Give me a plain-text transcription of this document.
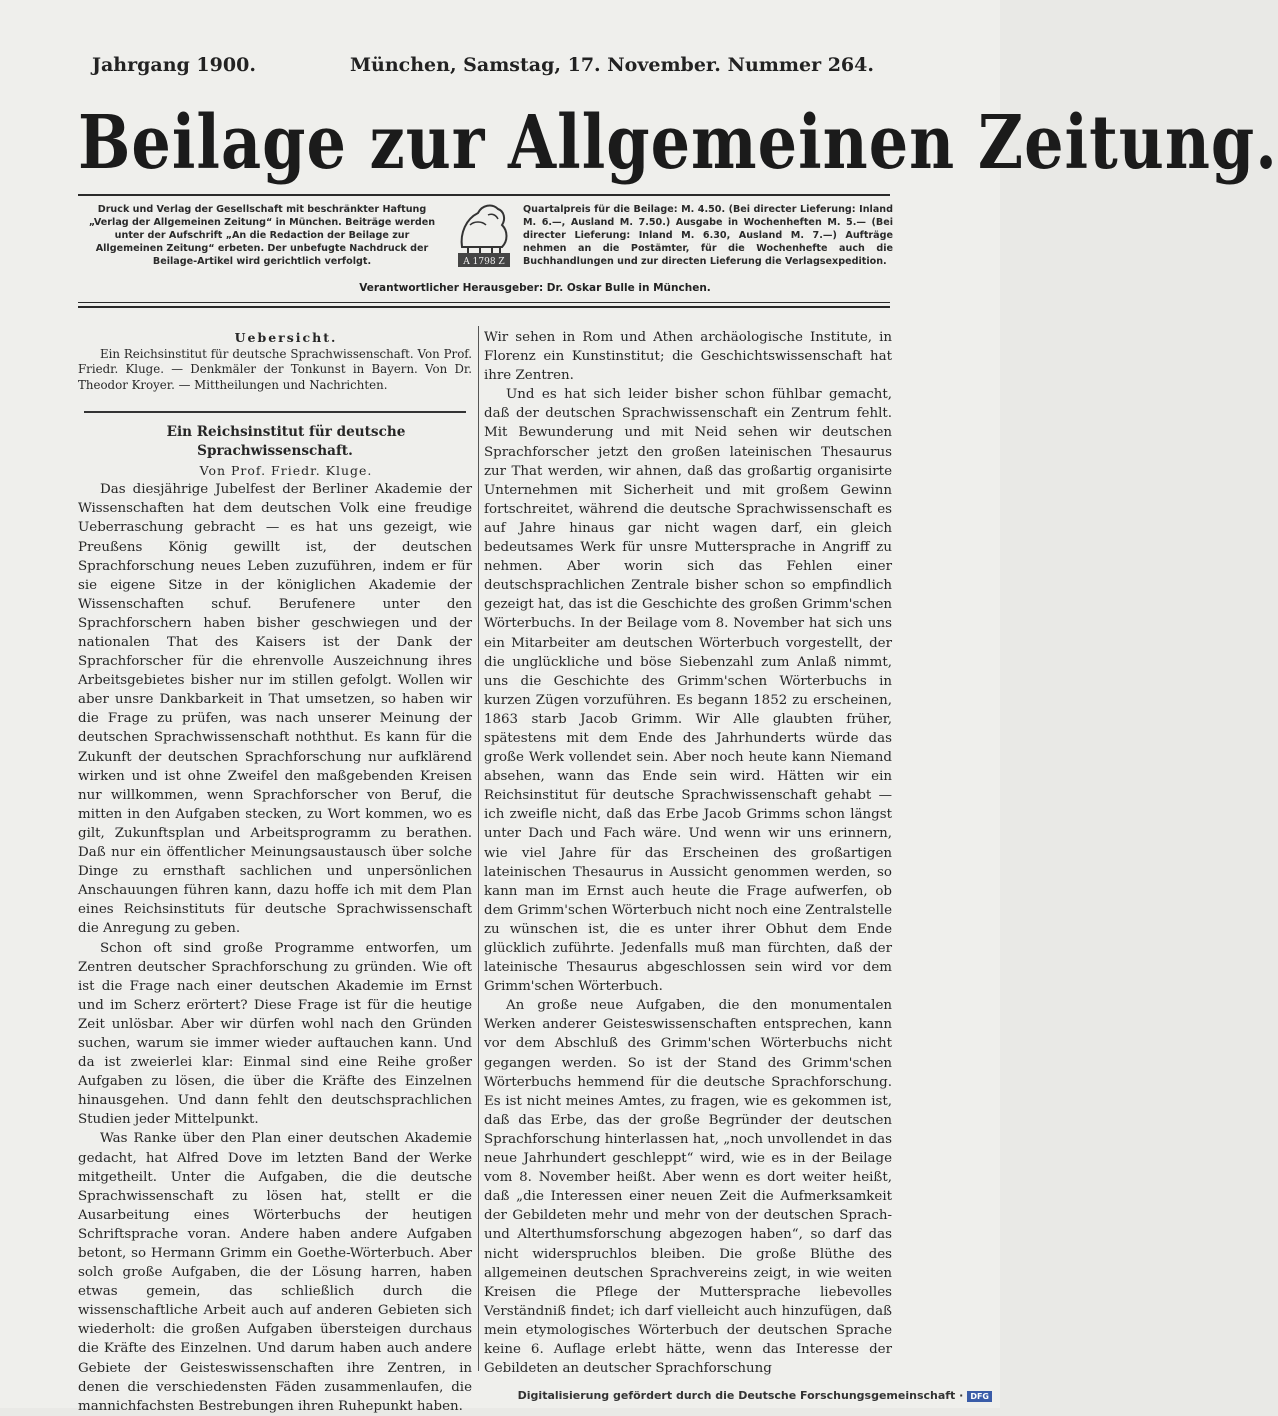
Jahrgang 1900.	München, Samstag, 17. November. Nummer 264.
Beilage zur Allgemeinen Zeitung.
Druck und Verlag der Gesellschaft mit beschränkter Haftung „Verlag der Allgemeinen Zeitung“ in München. Beiträge werden unter der Aufschrift „An die Redaction der Beilage zur Allgemeinen Zeitung“ erbeten. Der unbefugte Nachdruck der Beilage-Artikel wird gerichtlich verfolgt.	A 1798 Z
Quartalpreis für die Beilage: M. 4.50. (Bei directer Lieferung: Inland M. 6.—, Ausland M. 7.50.) Ausgabe in Wochenheften M. 5.— (Bei directer Lieferung: Inland M. 6.30, Ausland M. 7.—) Aufträge nehmen an die Postämter, für die Wochenhefte auch die Buchhandlungen und zur directen Lieferung die Verlagsexpedition.
Verantwortlicher Herausgeber: Dr. Oskar Bulle in München.

Uebersicht.

Ein Reichsinstitut für deutsche Sprachwissenschaft. Von Prof. Friedr. Kluge. — Denkmäler der Tonkunst in Bayern. Von Dr. Theodor Kroyer. — Mittheilungen und Nachrichten.

Ein Reichsinstitut für deutsche Sprachwissenschaft.

Von Prof. Friedr. Kluge.

Das diesjährige Jubelfest der Berliner Akademie der Wissenschaften hat dem deutschen Volk eine freudige Ueberraschung gebracht — es hat uns gezeigt, wie Preußens König gewillt ist, der deutschen Sprachforschung neues Leben zuzuführen, indem er für sie eigene Sitze in der königlichen Akademie der Wissenschaften schuf. Berufenere unter den Sprachforschern haben bisher geschwiegen und der nationalen That des Kaisers ist der Dank der Sprachforscher für die ehrenvolle Auszeichnung ihres Arbeitsgebietes bisher nur im stillen gefolgt. Wollen wir aber unsre Dankbarkeit in That umsetzen, so haben wir die Frage zu prüfen, was nach unserer Meinung der deutschen Sprachwissenschaft noththut. Es kann für die Zukunft der deutschen Sprachforschung nur aufklärend wirken und ist ohne Zweifel den maßgebenden Kreisen nur willkommen, wenn Sprachforscher von Beruf, die mitten in den Aufgaben stecken, zu Wort kommen, wo es gilt, Zukunftsplan und Arbeitsprogramm zu berathen. Daß nur ein öffentlicher Meinungsaustausch über solche Dinge zu ernsthaft sachlichen und unpersönlichen Anschauungen führen kann, dazu hoffe ich mit dem Plan eines Reichsinstituts für deutsche Sprachwissenschaft die Anregung zu geben.

Schon oft sind große Programme entworfen, um Zentren deutscher Sprachforschung zu gründen. Wie oft ist die Frage nach einer deutschen Akademie im Ernst und im Scherz erörtert? Diese Frage ist für die heutige Zeit unlösbar. Aber wir dürfen wohl nach den Gründen suchen, warum sie immer wieder auftauchen kann. Und da ist zweierlei klar: Einmal sind eine Reihe großer Aufgaben zu lösen, die über die Kräfte des Einzelnen hinausgehen. Und dann fehlt den deutschsprachlichen Studien jeder Mittelpunkt.

Was Ranke über den Plan einer deutschen Akademie gedacht, hat Alfred Dove im letzten Band der Werke mitgetheilt. Unter die Aufgaben, die die deutsche Sprachwissenschaft zu lösen hat, stellt er die Ausarbeitung eines Wörterbuchs der heutigen Schriftsprache voran. Andere haben andere Aufgaben betont, so Hermann Grimm ein Goethe-Wörterbuch. Aber solch große Aufgaben, die der Lösung harren, haben etwas gemein, das schließlich durch die wissenschaftliche Arbeit auch auf anderen Gebieten sich wiederholt: die großen Aufgaben übersteigen durchaus die Kräfte des Einzelnen. Und darum haben auch andere Gebiete der Geisteswissenschaften ihre Zentren, in denen die verschiedensten Fäden zusammenlaufen, die mannichfachsten Bestrebungen ihren Ruhepunkt haben.

Wir sehen in Rom und Athen archäologische Institute, in Florenz ein Kunstinstitut; die Geschichtswissenschaft hat ihre Zentren.

Und es hat sich leider bisher schon fühlbar gemacht, daß der deutschen Sprachwissenschaft ein Zentrum fehlt. Mit Bewunderung und mit Neid sehen wir deutschen Sprachforscher jetzt den großen lateinischen Thesaurus zur That werden, wir ahnen, daß das großartig organisirte Unternehmen mit Sicherheit und mit großem Gewinn fortschreitet, während die deutsche Sprachwissenschaft es auf Jahre hinaus gar nicht wagen darf, ein gleich bedeutsames Werk für unsre Muttersprache in Angriff zu nehmen. Aber worin sich das Fehlen einer deutschsprachlichen Zentrale bisher schon so empfindlich gezeigt hat, das ist die Geschichte des großen Grimm'schen Wörterbuchs. In der Beilage vom 8. November hat sich uns ein Mitarbeiter am deutschen Wörterbuch vorgestellt, der die unglückliche und böse Siebenzahl zum Anlaß nimmt, uns die Geschichte des Grimm'schen Wörterbuchs in kurzen Zügen vorzuführen. Es begann 1852 zu erscheinen, 1863 starb Jacob Grimm. Wir Alle glaubten früher, spätestens mit dem Ende des Jahrhunderts würde das große Werk vollendet sein. Aber noch heute kann Niemand absehen, wann das Ende sein wird. Hätten wir ein Reichsinstitut für deutsche Sprachwissenschaft gehabt — ich zweifle nicht, daß das Erbe Jacob Grimms schon längst unter Dach und Fach wäre. Und wenn wir uns erinnern, wie viel Jahre für das Erscheinen des großartigen lateinischen Thesaurus in Aussicht genommen werden, so kann man im Ernst auch heute die Frage aufwerfen, ob dem Grimm'schen Wörterbuch nicht noch eine Zentralstelle zu wünschen ist, die es unter ihrer Obhut dem Ende glücklich zuführte. Jedenfalls muß man fürchten, daß der lateinische Thesaurus abgeschlossen sein wird vor dem Grimm'schen Wörterbuch.

An große neue Aufgaben, die den monumentalen Werken anderer Geisteswissenschaften entsprechen, kann vor dem Abschluß des Grimm'schen Wörterbuchs nicht gegangen werden. So ist der Stand des Grimm'schen Wörterbuchs hemmend für die deutsche Sprachforschung. Es ist nicht meines Amtes, zu fragen, wie es gekommen ist, daß das Erbe, das der große Begründer der deutschen Sprachforschung hinterlassen hat, „noch unvollendet in das neue Jahrhundert geschleppt“ wird, wie es in der Beilage vom 8. November heißt. Aber wenn es dort weiter heißt, daß „die Interessen einer neuen Zeit die Aufmerksamkeit der Gebildeten mehr und mehr von der deutschen Sprach- und Alterthumsforschung abgezogen haben“, so darf das nicht widerspruchlos bleiben. Die große Blüthe des allgemeinen deutschen Sprachvereins zeigt, in wie weiten Kreisen die Pflege der Muttersprache liebevolles Verständniß findet; ich darf vielleicht auch hinzufügen, daß mein etymologisches Wörterbuch der deutschen Sprache keine 6. Auflage erlebt hätte, wenn das Interesse der Gebildeten an deutscher Sprachforschung

Digitalisierung gefördert durch die Deutsche Forschungsgemeinschaft · DFG
